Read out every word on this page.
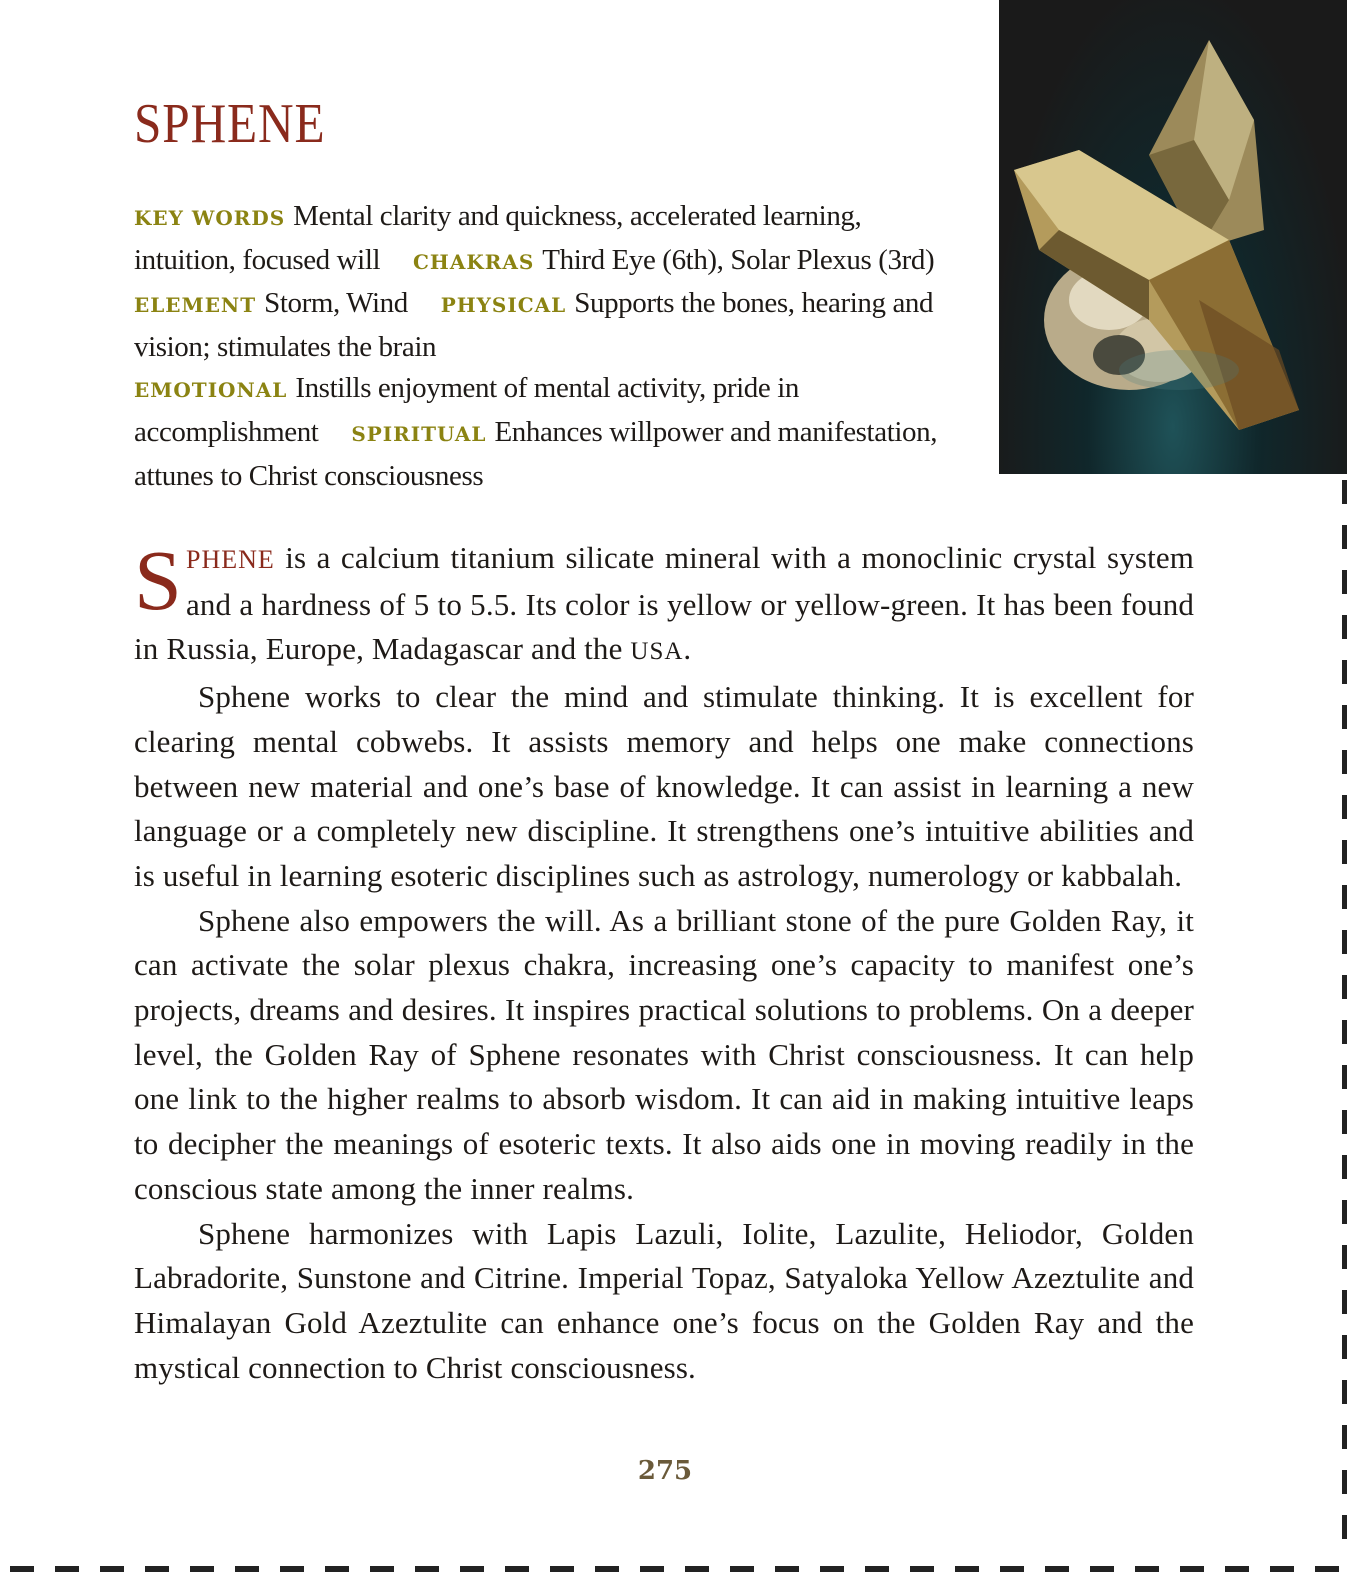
SPHENE
KEY WORDS Mental clarity and quickness, accelerated learning, intuition, focused will CHAKRAS Third Eye (6th), Solar Plexus (3rd) ELEMENT Storm, Wind PHYSICAL Supports the bones, hearing and vision; stimulates the brain
EMOTIONAL Instills enjoyment of mental activity, pride in accomplishment SPIRITUAL Enhances willpower and manifestation, attunes to Christ consciousness

SPHENE is a calcium titanium silicate mineral with a monoclinic crystal system and a hardness of 5 to 5.5. Its color is yellow or yellow-green. It has been found in Russia, Europe, Madagascar and the USA.

Sphene works to clear the mind and stimulate thinking. It is excellent for clearing mental cobwebs. It assists memory and helps one make connections between new material and one’s base of knowledge. It can assist in learning a new language or a completely new discipline. It strengthens one’s intuitive abilities and is useful in learning esoteric disciplines such as astrology, numerology or kabbalah.

Sphene also empowers the will. As a brilliant stone of the pure Golden Ray, it can activate the solar plexus chakra, increasing one’s capacity to manifest one’s projects, dreams and desires. It inspires practical solutions to problems. On a deeper level, the Golden Ray of Sphene resonates with Christ consciousness. It can help one link to the higher realms to absorb wisdom. It can aid in making intuitive leaps to decipher the meanings of esoteric texts. It also aids one in moving readily in the conscious state among the inner realms.

Sphene harmonizes with Lapis Lazuli, Iolite, Lazulite, Heliodor, Golden Labradorite, Sunstone and Citrine. Imperial Topaz, Satyaloka Yellow Azeztulite and Himalayan Gold Azeztulite can enhance one’s focus on the Golden Ray and the mystical connection to Christ consciousness.

275
